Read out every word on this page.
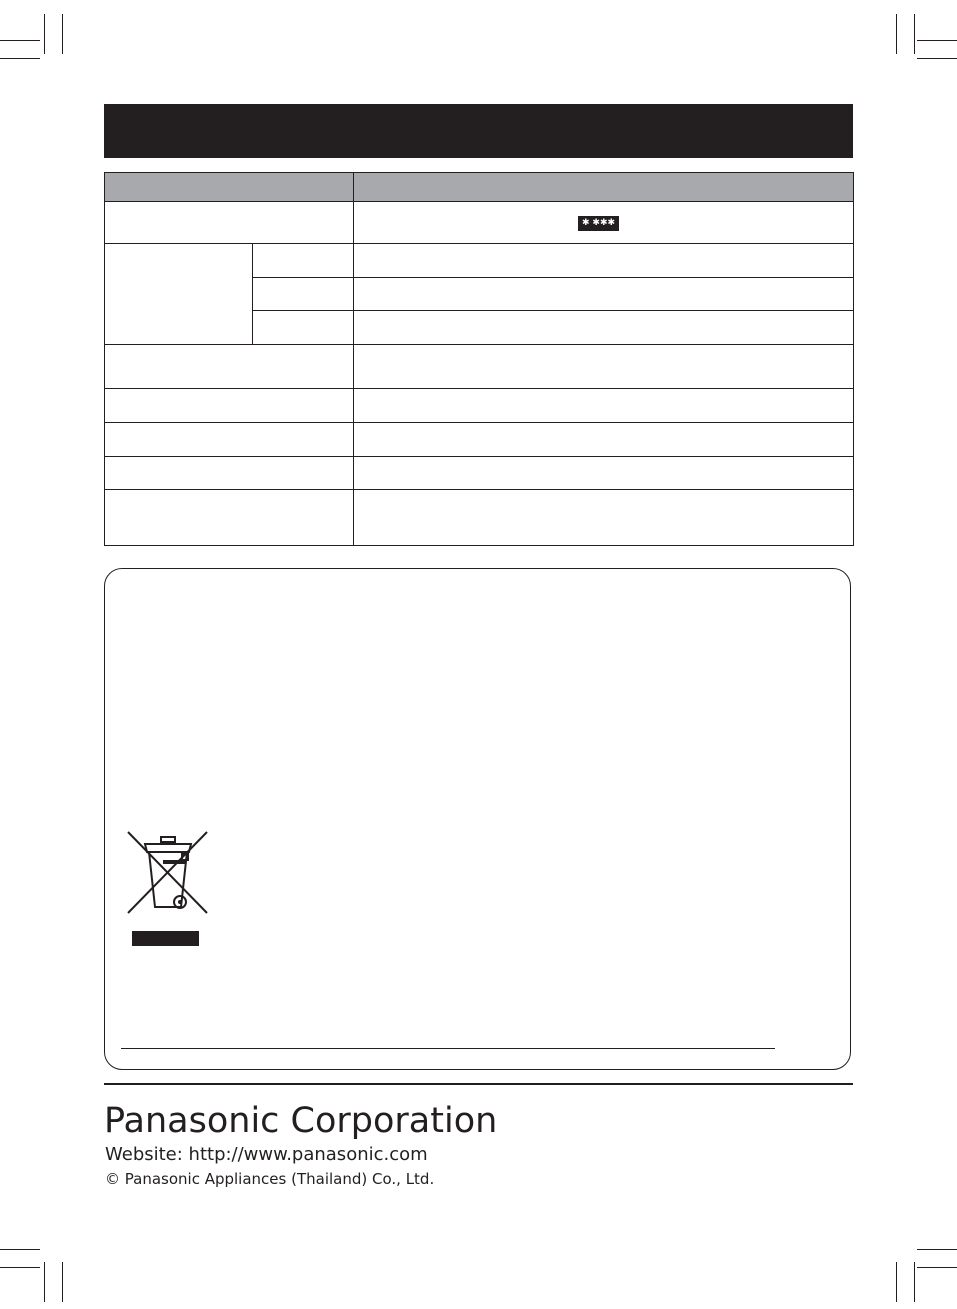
		✱ ✱✱✱

Panasonic Corporation
Website: http://www.panasonic.com
© Panasonic Appliances (Thailand) Co., Ltd.
